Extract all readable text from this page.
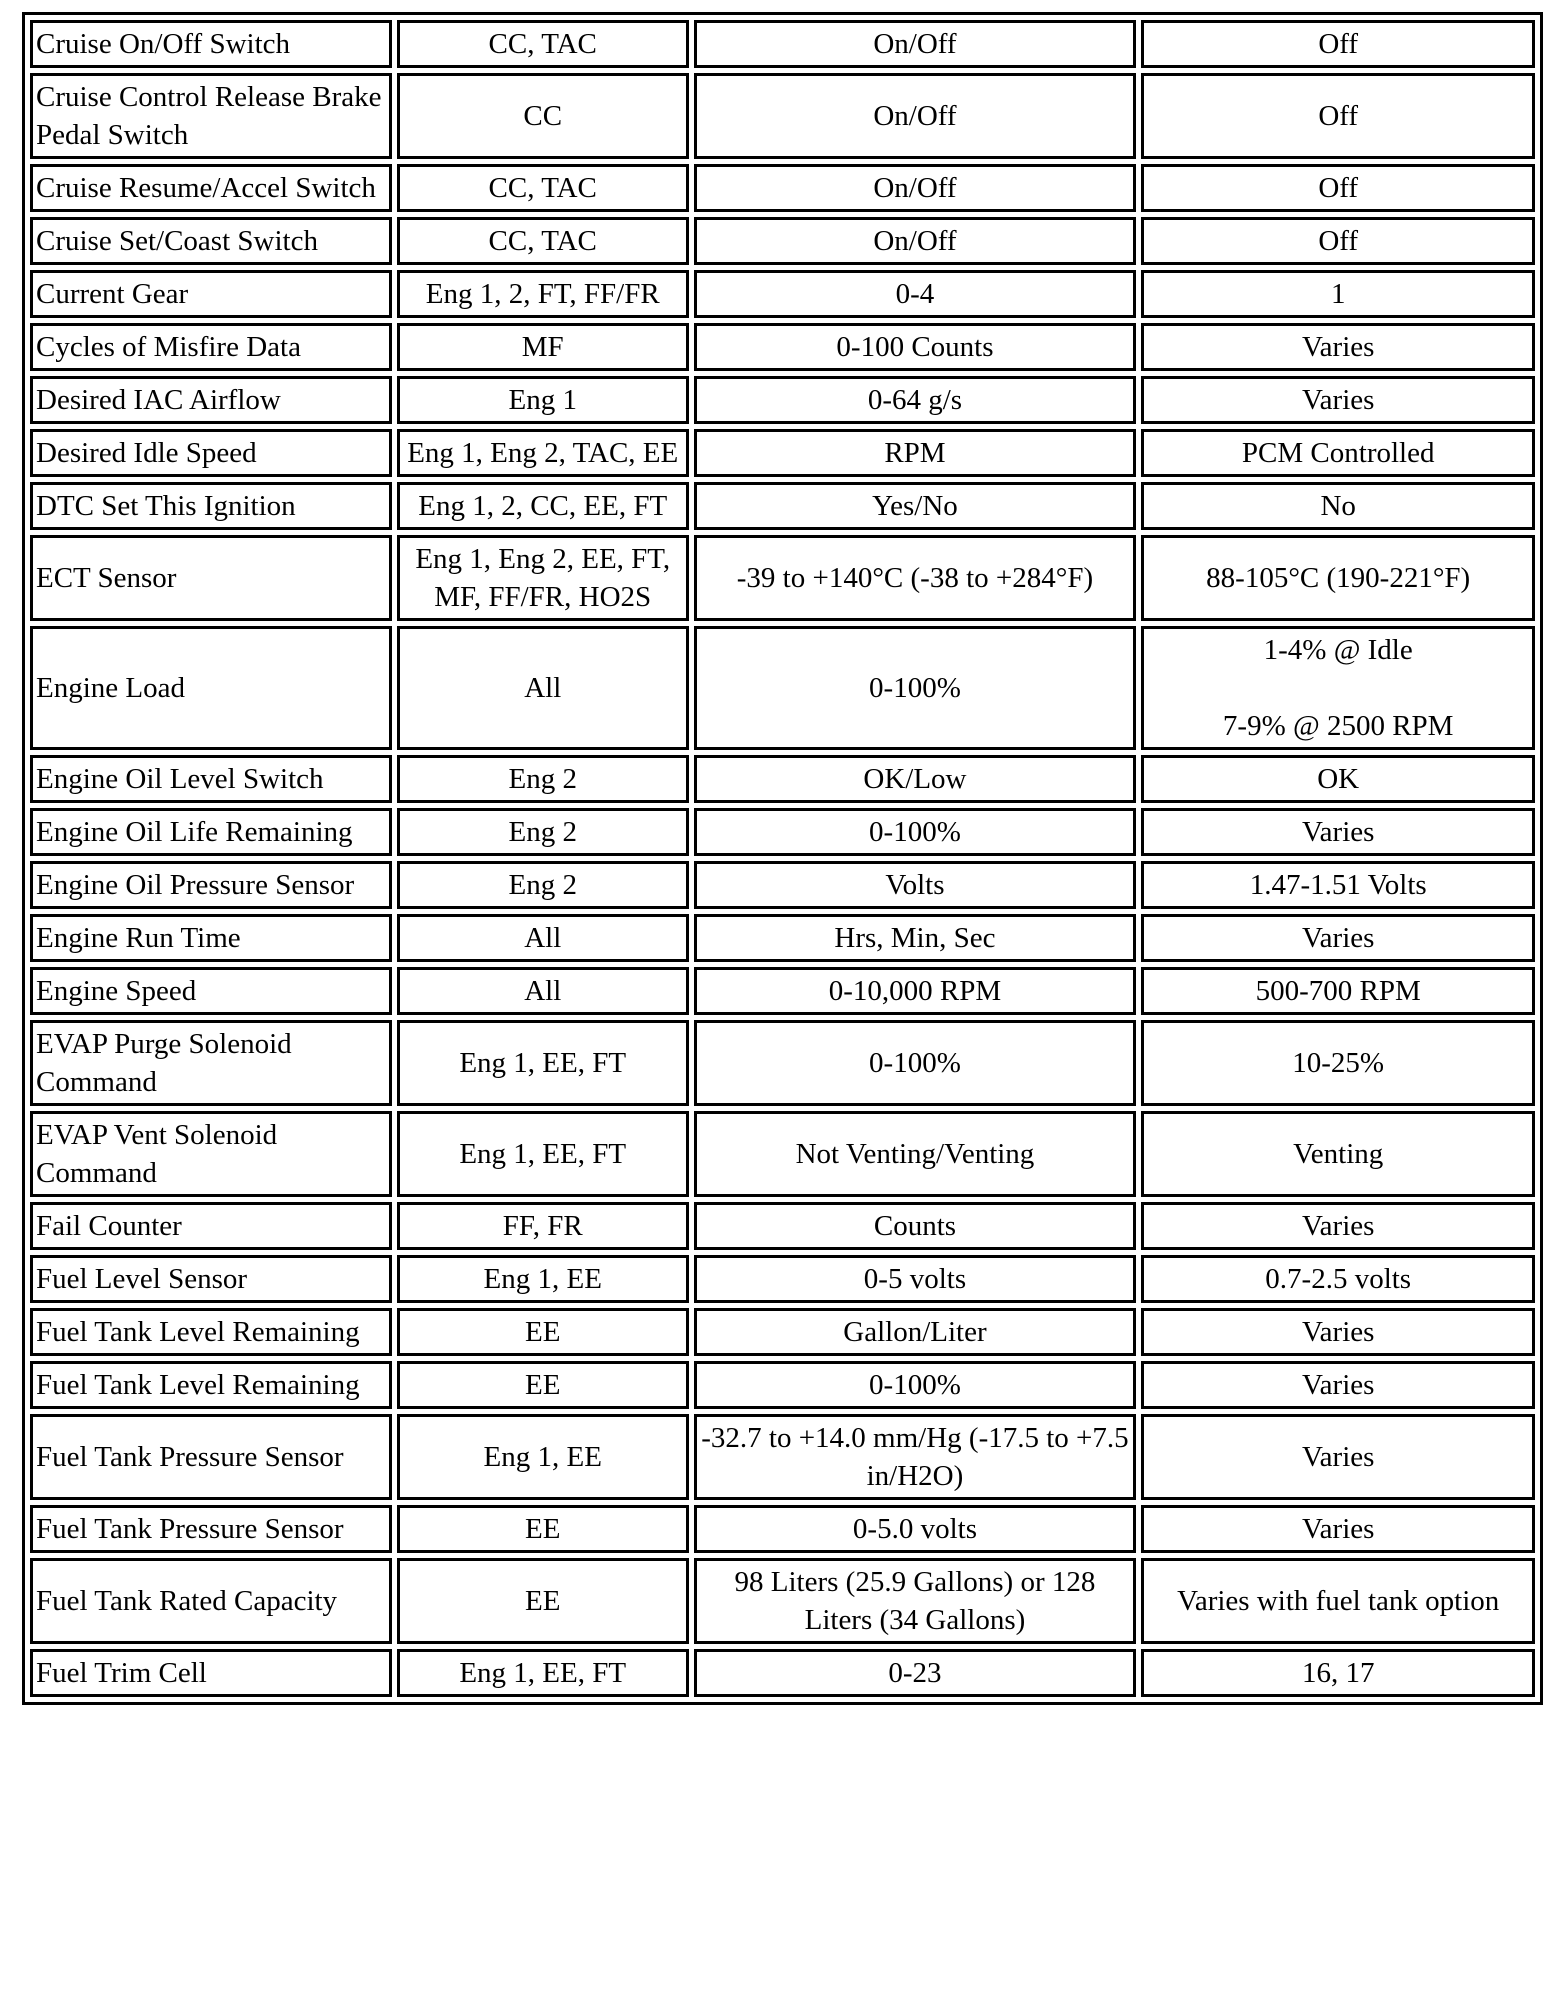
Cruise On/Off Switch	CC, TAC	On/Off	Off
Cruise Control Release Brake Pedal Switch	CC	On/Off	Off
Cruise Resume/Accel Switch	CC, TAC	On/Off	Off
Cruise Set/Coast Switch	CC, TAC	On/Off	Off
Current Gear	Eng 1, 2, FT, FF/FR	0-4	1
Cycles of Misfire Data	MF	0-100 Counts	Varies
Desired IAC Airflow	Eng 1	0-64 g/s	Varies
Desired Idle Speed	Eng 1, Eng 2, TAC, EE	RPM	PCM Controlled
DTC Set This Ignition	Eng 1, 2, CC, EE, FT	Yes/No	No
ECT Sensor	Eng 1, Eng 2, EE, FT, MF, FF/FR, HO2S	-39 to +140°C (-38 to +284°F)	88-105°C (190-221°F)
Engine Load	All	0-100%	1-4% @ Idle

7-9% @ 2500 RPM
Engine Oil Level Switch	Eng 2	OK/Low	OK
Engine Oil Life Remaining	Eng 2	0-100%	Varies
Engine Oil Pressure Sensor	Eng 2	Volts	1.47-1.51 Volts
Engine Run Time	All	Hrs, Min, Sec	Varies
Engine Speed	All	0-10,000 RPM	500-700 RPM
EVAP Purge Solenoid Command	Eng 1, EE, FT	0-100%	10-25%
EVAP Vent Solenoid Command	Eng 1, EE, FT	Not Venting/Venting	Venting
Fail Counter	FF, FR	Counts	Varies
Fuel Level Sensor	Eng 1, EE	0-5 volts	0.7-2.5 volts
Fuel Tank Level Remaining	EE	Gallon/Liter	Varies
Fuel Tank Level Remaining	EE	0-100%	Varies
Fuel Tank Pressure Sensor	Eng 1, EE	-32.7 to +14.0 mm/Hg (-17.5 to +7.5 in/H2O)	Varies
Fuel Tank Pressure Sensor	EE	0-5.0 volts	Varies
Fuel Tank Rated Capacity	EE	98 Liters (25.9 Gallons) or 128 Liters (34 Gallons)	Varies with fuel tank option
Fuel Trim Cell	Eng 1, EE, FT	0-23	16, 17
